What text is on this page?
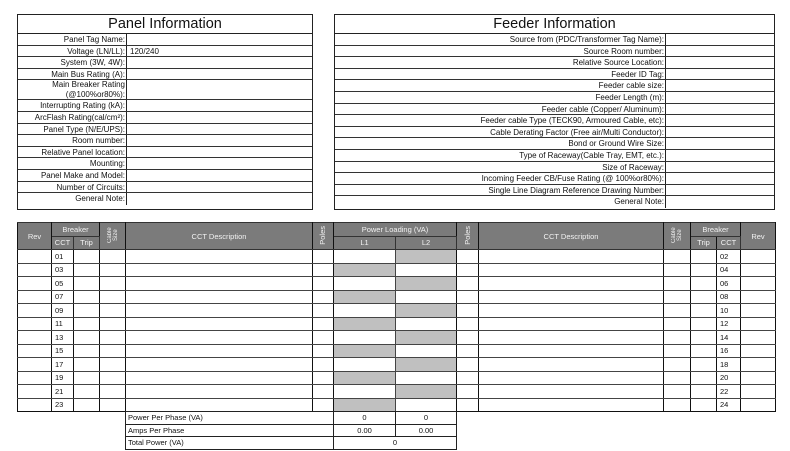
Panel Information
Panel Tag Name:
Voltage (LN/LL): 120/240
System (3W, 4W):
Main Bus Rating (A):
Main Breaker Rating
(@100%or80%):
Interrupting Rating (kA):
ArcFlash Rating(cal/cm²):
Panel Type (N/E/UPS):
Room number:
Relative Panel location:
Mounting:
Panel Make and Model:
Number of Circuits:
General Note:
Feeder Information
Source from (PDC/Transformer Tag Name):
Source Room number:
Relative Source Location:
Feeder ID Tag:
Feeder cable size:
Feeder Length (m):
Feeder cable (Copper/ Aluminum):
Feeder cable Type (TECK90, Armoured Cable, etc):
Cable Derating Factor (Free air/Multi Conductor):
Bond or Ground Wire Size:
Type of Raceway(Cable Tray, EMT, etc.):
Size of Raceway:
Incoming Feeder CB/Fuse Rating (@ 100%or80%):
Single Line Diagram Reference Drawing Number:
General Note:
Rev	Breaker		Cable Size	CCT Description	Poles	Power Loading (VA)		Poles	CCT Description	Cable Size	Breaker		Rev
	CCT	Trip				L1	L2				Trip	CCT	
	01											02	
	03											04	
	05											06	
	07											08	
	09											10	
	11											12	
	13											14	
	15											16	
	17											18	
	19											20	
	21											22	
	23											24	
Power Per Phase (VA)	0	0
Amps Per Phase	0.00	0.00
Total Power (VA)	0	
